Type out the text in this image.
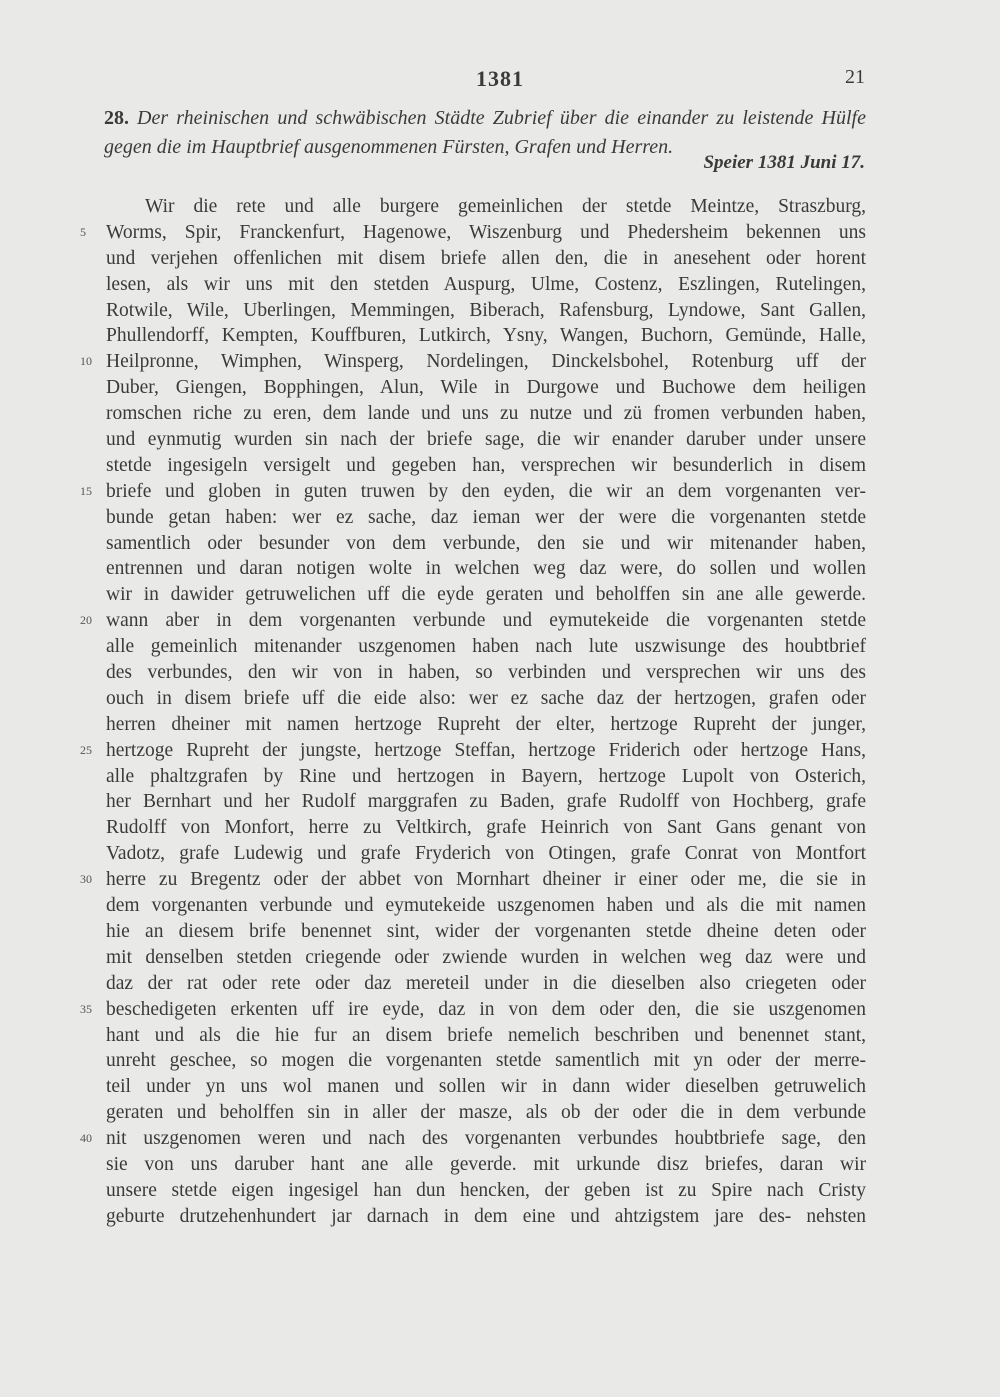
1381	21
28. Der rheinischen und schwäbischen Städte Zubrief über die einander zu leistende Hülfe gegen die im Hauptbrief ausgenommenen Fürsten, Grafen und Herren.
Speier 1381 Juni 17.
Wir die rete und alle burgere gemeinlichen der stetde Meintze, Straszburg,
5 Worms, Spir, Franckenfurt, Hagenowe, Wiszenburg und Phedersheim bekennen uns
und verjehen offenlichen mit disem briefe allen den, die in anesehent oder horent
lesen, als wir uns mit den stetden Auspurg, Ulme, Costenz, Eszlingen, Rutelingen,
Rotwile, Wile, Uberlingen, Memmingen, Biberach, Rafensburg, Lyndowe, Sant Gallen,
Phullendorff, Kempten, Kouffburen, Lutkirch, Ysny, Wangen, Buchorn, Gemünde, Halle,
10 Heilpronne, Wimphen, Winsperg, Nordelingen, Dinckelsbohel, Rotenburg uff der
Duber, Giengen, Bopphingen, Alun, Wile in Durgowe und Buchowe dem heiligen
romschen riche zu eren, dem lande und uns zu nutze und zü fromen verbunden haben,
und eynmutig wurden sin nach der briefe sage, die wir enander daruber under unsere
stetde ingesigeln versigelt und gegeben han, versprechen wir besunderlich in disem
15 briefe und globen in guten truwen by den eyden, die wir an dem vorgenanten ver-
bunde getan haben: wer ez sache, daz ieman wer der were die vorgenanten stetde
samentlich oder besunder von dem verbunde, den sie und wir mitenander haben,
entrennen und daran notigen wolte in welchen weg daz were, do sollen und wollen
wir in dawider getruwelichen uff die eyde geraten und beholffen sin ane alle gewerde.
20 wann aber in dem vorgenanten verbunde und eymutekeide die vorgenanten stetde
alle gemeinlich mitenander uszgenomen haben nach lute uszwisunge des houbtbrief
des verbundes, den wir von in haben, so verbinden und versprechen wir uns des
ouch in disem briefe uff die eide also: wer ez sache daz der hertzogen, grafen oder
herren dheiner mit namen hertzoge Rupreht der elter, hertzoge Rupreht der junger,
25 hertzoge Rupreht der jungste, hertzoge Steffan, hertzoge Friderich oder hertzoge Hans,
alle phaltzgrafen by Rine und hertzogen in Bayern, hertzoge Lupolt von Osterich,
her Bernhart und her Rudolf marggrafen zu Baden, grafe Rudolff von Hochberg, grafe
Rudolff von Monfort, herre zu Veltkirch, grafe Heinrich von Sant Gans genant von
Vadotz, grafe Ludewig und grafe Fryderich von Otingen, grafe Conrat von Montfort
30 herre zu Bregentz oder der abbet von Mornhart dheiner ir einer oder me, die sie in
dem vorgenanten verbunde und eymutekeide uszgenomen haben und als die mit namen
hie an diesem brife benennet sint, wider der vorgenanten stetde dheine deten oder
mit denselben stetden criegende oder zwiende wurden in welchen weg daz were und
daz der rat oder rete oder daz mereteil under in die dieselben also criegeten oder
35 beschedigeten erkenten uff ire eyde, daz in von dem oder den, die sie uszgenomen
hant und als die hie fur an disem briefe nemelich beschriben und benennet stant,
unreht geschee, so mogen die vorgenanten stetde samentlich mit yn oder der merre-
teil under yn uns wol manen und sollen wir in dann wider dieselben getruwelich
geraten und beholffen sin in aller der masze, als ob der oder die in dem verbunde
40 nit uszgenomen weren und nach des vorgenanten verbundes houbtbriefe sage, den
sie von uns daruber hant ane alle geverde. mit urkunde disz briefes, daran wir
unsere stetde eigen ingesigel han dun hencken, der geben ist zu Spire nach Cristy
geburte drutzehenhundert jar darnach in dem eine und ahtzigstem jare des- nehsten
